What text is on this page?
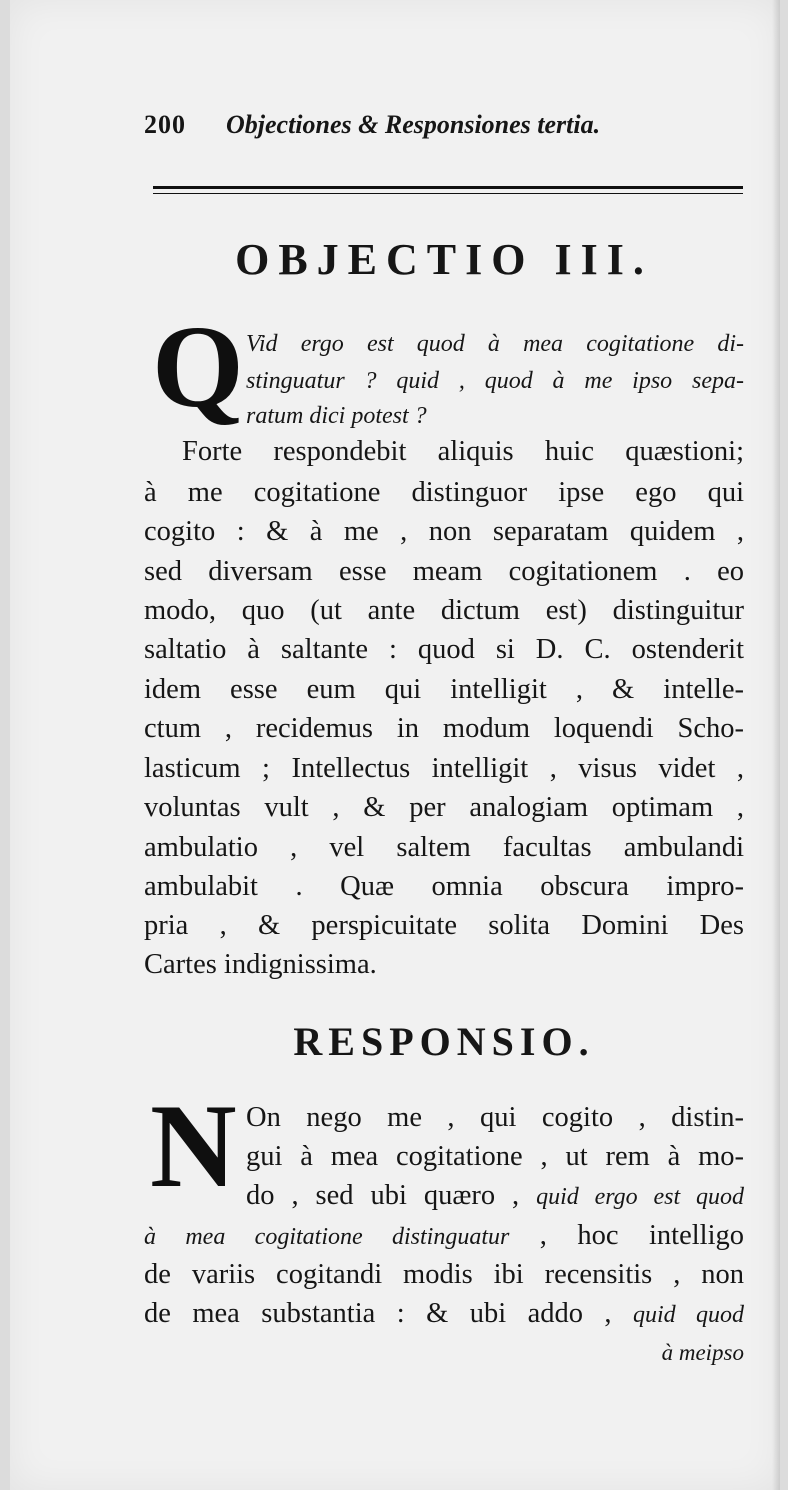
200 Objectiones & Responsiones tertia.
OBJECTIO III.
Q Vid ergo est quod à mea cogitatione di-
stinguatur ? quid , quod à me ipso sepa-
ratum dici potest ?
Forte respondebit aliquis huic quæstioni;
à me cogitatione distinguor ipse ego qui
cogito : & à me , non separatam quidem ,
sed diversam esse meam cogitationem . eo
modo, quo (ut ante dictum est) distinguitur
saltatio à saltante : quod si D. C. ostenderit
idem esse eum qui intelligit , & intelle-
ctum , recidemus in modum loquendi Scho-
lasticum ; Intellectus intelligit , visus videt ,
voluntas vult , & per analogiam optimam ,
ambulatio , vel saltem facultas ambulandi
ambulabit . Quæ omnia obscura impro-
pria , & perspicuitate solita Domini Des
Cartes indignissima.
RESPONSIO.
N On nego me , qui cogito , distin-
gui à mea cogitatione , ut rem à mo-
do , sed ubi quæro , quid ergo est quod
à mea cogitatione distinguatur , hoc intelligo
de variis cogitandi modis ibi recensitis , non
de mea substantia : & ubi addo , quid quod
à meipso
